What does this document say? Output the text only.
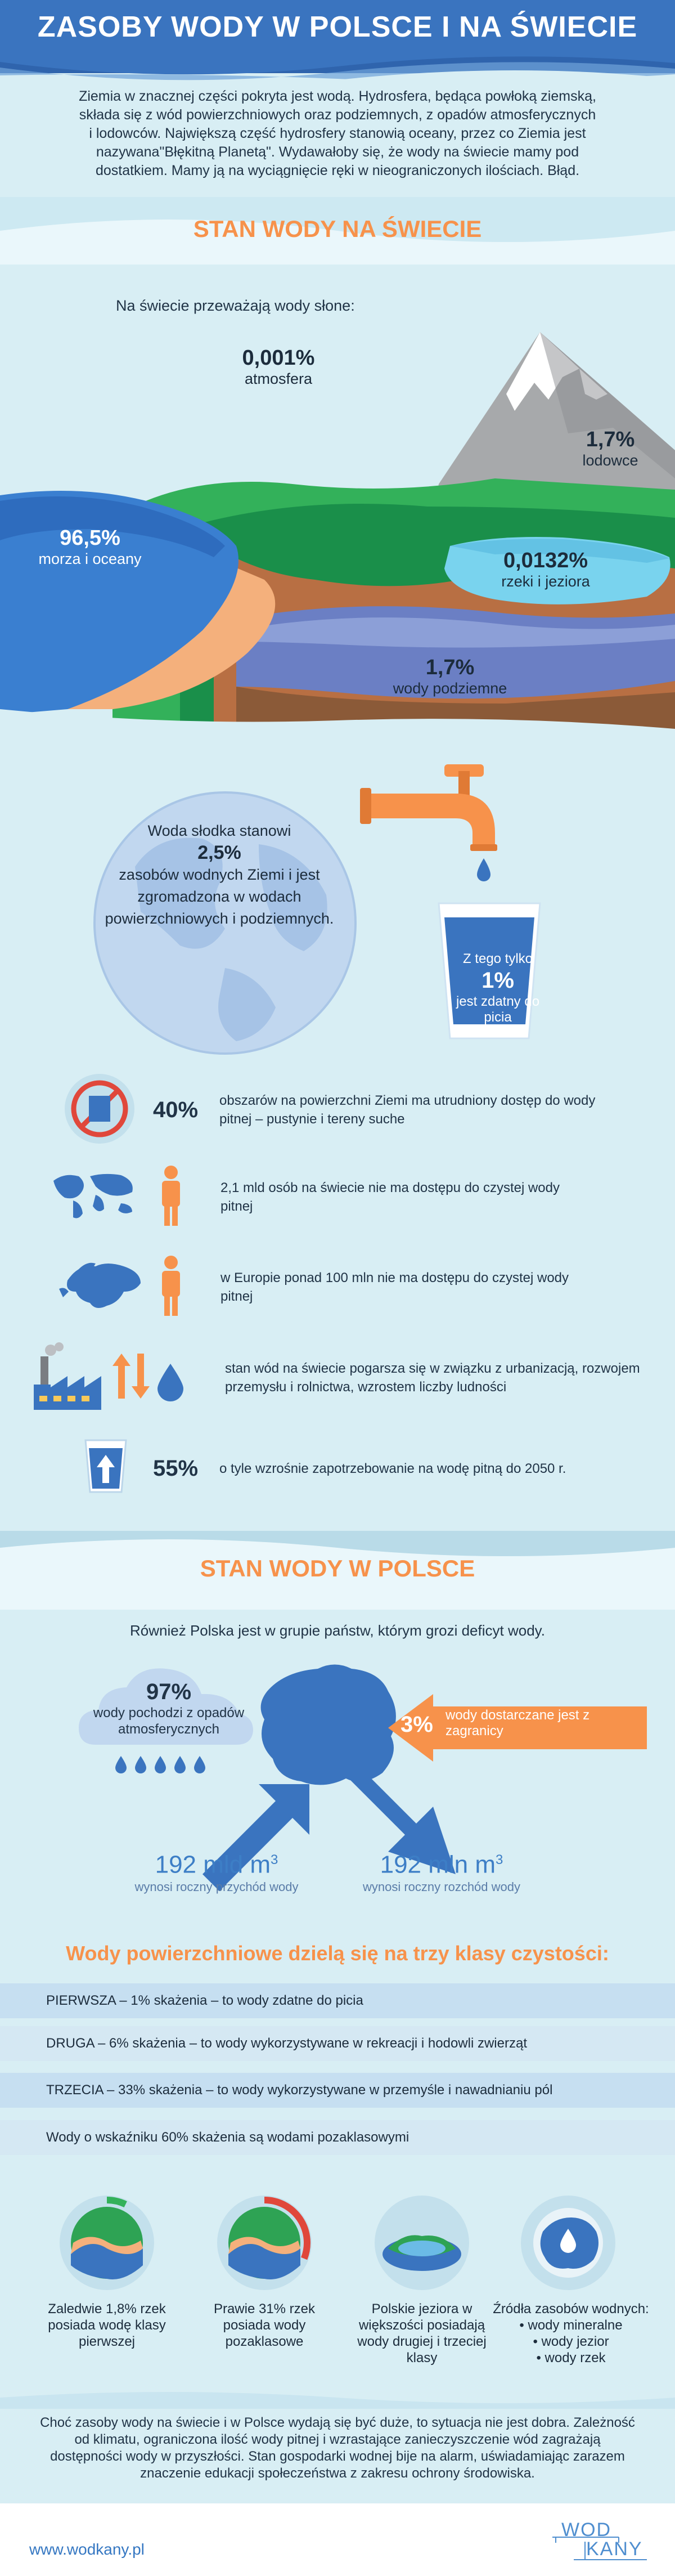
ZASOBY WODY W POLSCE I NA ŚWIECIE
Ziemia w znacznej części pokryta jest wodą. Hydrosfera, będąca powłoką ziemską, składa się z wód powierzchniowych oraz podziemnych, z opadów atmosferycznych i lodowców. Największą część hydrosfery stanowią oceany, przez co Ziemia jest nazywana"Błękitną Planetą". Wydawałoby się, że wody na świecie mamy pod dostatkiem. Mamy ją na wyciągnięcie ręki w nieograniczonych ilościach. Błąd.
STAN WODY NA ŚWIECIE
Na świecie przeważają wody słone:
0,001%
atmosfera
1,7%
lodowce
96,5%
morza i oceany	0,0132%
rzeki i jeziora
1,7%
wody podziemne
Woda słodka stanowi
2,5%
zasobów wodnych Ziemi i jest zgromadzona w wodach powierzchniowych i podziemnych.
Z tego tylko
1%
jest zdatny do picia
40% obszarów na powierzchni Ziemi ma utrudniony dostęp do wody pitnej – pustynie i tereny suche
2,1 mld osób na świecie nie ma dostępu do czystej wody pitnej
w Europie ponad 100 mln nie ma dostępu do czystej wody pitnej
stan wód na świecie pogarsza się w związku z urbanizacją, rozwojem przemysłu i rolnictwa, wzrostem liczby ludności
55% o tyle wzrośnie zapotrzebowanie na wodę pitną do 2050 r.
STAN WODY W POLSCE
Również Polska jest w grupie państw, którym grozi deficyt wody.
97%
wody pochodzi z opadów atmosferycznych	3% wody dostarczane jest z zagranicy
192 mld $m^3$
wynosi roczny przychód wody
192 mln $m^3$
wynosi roczny rozchód wody
Wody powierzchniowe dzielą się na trzy klasy czystości:
PIERWSZA – 1% skażenia – to wody zdatne do picia
DRUGA – 6% skażenia – to wody wykorzystywane w rekreacji i hodowli zwierząt
TRZECIA – 33% skażenia – to wody wykorzystywane w przemyśle i nawadnianiu pól
Wody o wskaźniku 60% skażenia są wodami pozaklasowymi
Zaledwie 1,8% rzek posiada wodę klasy pierwszej
Prawie 31% rzek posiada wody pozaklasowe
Polskie jeziora w większości posiadają wody drugiej i trzeciej klasy
Źródła zasobów wodnych:
• wody mineralne
• wody jezior
• wody rzek
Choć zasoby wody na świecie i w Polsce wydają się być duże, to sytuacja nie jest dobra. Zależność od klimatu, ograniczona ilość wody pitnej i wzrastające zanieczyszczenie wód zagrażają dostępności wody w przyszłości. Stan gospodarki wodnej bije na alarm, uświadamiając zarazem znaczenie edukacji społeczeństwa z zakresu ochrony środowiska.
www.wodkany.pl
WOD
KANY
